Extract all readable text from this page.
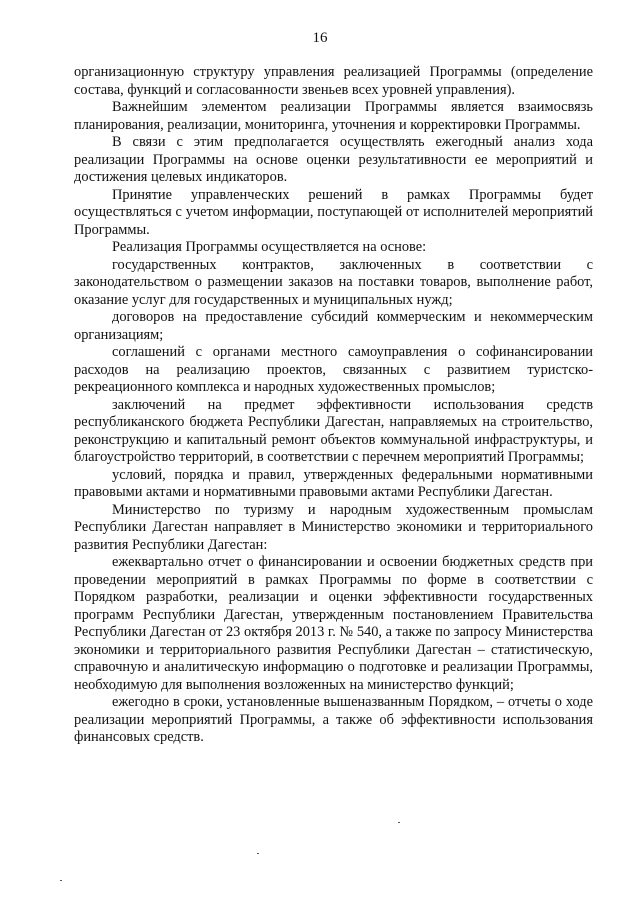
16

организационную структуру управления реализацией Программы (определение состава, функций и согласованности звеньев всех уровней управления).

Важнейшим элементом реализации Программы является взаимосвязь планирования, реализации, мониторинга, уточнения и корректировки Программы.

В связи с этим предполагается осуществлять ежегодный анализ хода реализации Программы на основе оценки результативности ее мероприятий и достижения целевых индикаторов.

Принятие управленческих решений в рамках Программы будет осуществляться с учетом информации, поступающей от исполнителей мероприятий Программы.

Реализация Программы осуществляется на основе:

государственных контрактов, заключенных в соответствии с законодательством о размещении заказов на поставки товаров, выполнение работ, оказание услуг для государственных и муниципальных нужд;

договоров на предоставление субсидий коммерческим и некоммерческим организациям;

соглашений с органами местного самоуправления о софинансировании расходов на реализацию проектов, связанных с развитием туристско-рекреационного комплекса и народных художественных промыслов;

заключений на предмет эффективности использования средств республиканского бюджета Республики Дагестан, направляемых на строительство, реконструкцию и капитальный ремонт объектов коммунальной инфраструктуры, и благоустройство территорий, в соответствии с перечнем мероприятий Программы;

условий, порядка и правил, утвержденных федеральными нормативными правовыми актами и нормативными правовыми актами Республики Дагестан.

Министерство по туризму и народным художественным промыслам Республики Дагестан направляет в Министерство экономики и территориального развития Республики Дагестан:

ежеквартально отчет о финансировании и освоении бюджетных средств при проведении мероприятий в рамках Программы по форме в соответствии с Порядком разработки, реализации и оценки эффективности государственных программ Республики Дагестан, утвержденным постановлением Правительства Республики Дагестан от 23 октября 2013 г. № 540, а также по запросу Министерства экономики и территориального развития Республики Дагестан – статистическую, справочную и аналитическую информацию о подготовке и реализации Программы, необходимую для выполнения возложенных на министерство функций;

ежегодно в сроки, установленные вышеназванным Порядком, – отчеты о ходе реализации мероприятий Программы, а также об эффективности использования финансовых средств.
